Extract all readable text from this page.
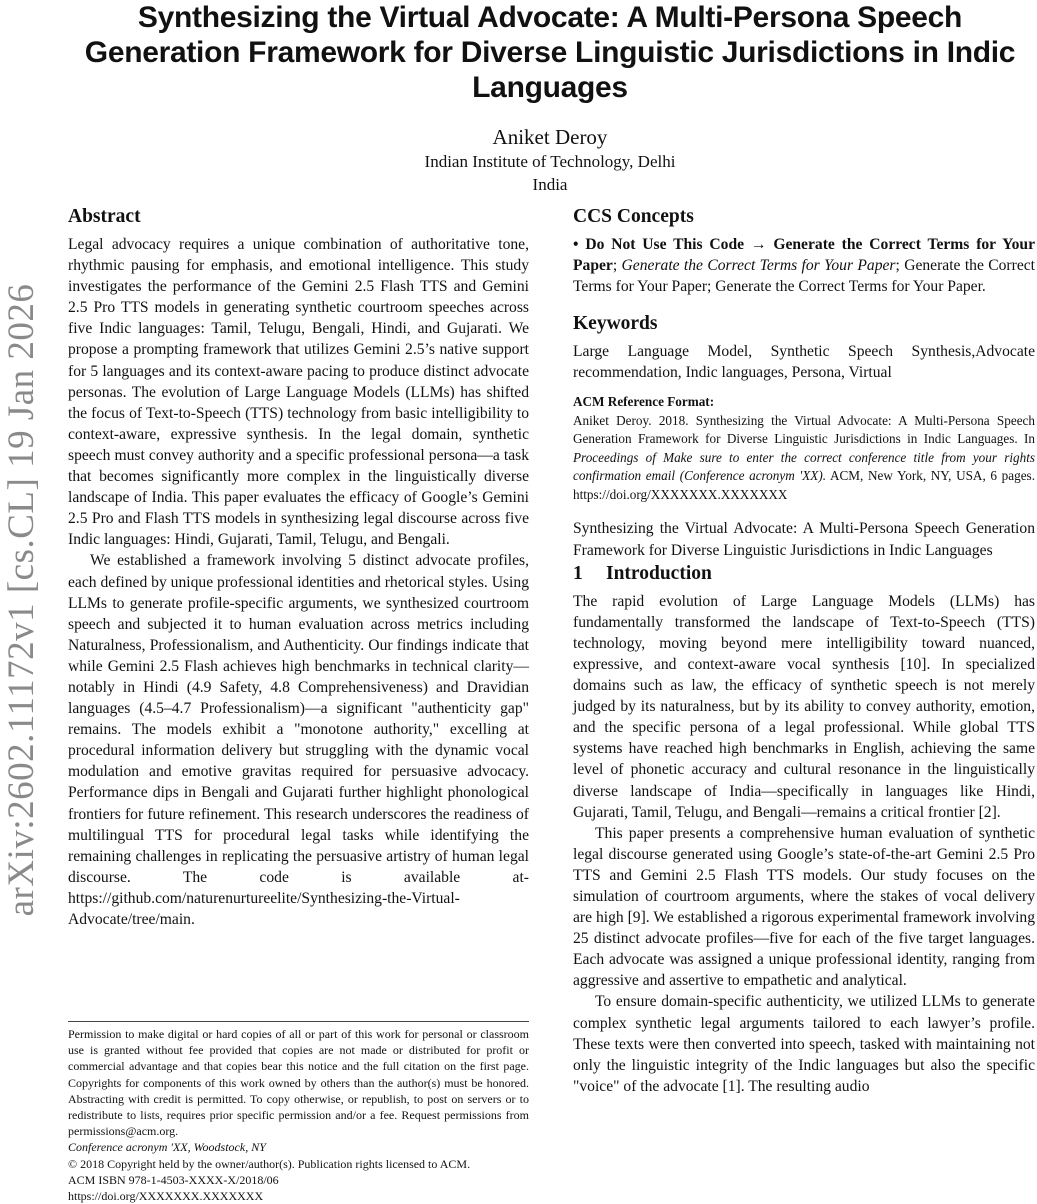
arXiv:2602.11172v1 [cs.CL] 19 Jan 2026
Synthesizing the Virtual Advocate: A Multi-Persona Speech Generation Framework for Diverse Linguistic Jurisdictions in Indic Languages
Aniket Deroy
Indian Institute of Technology, Delhi
India
Abstract

Legal advocacy requires a unique combination of authoritative tone, rhythmic pausing for emphasis, and emotional intelligence. This study investigates the performance of the Gemini 2.5 Flash TTS and Gemini 2.5 Pro TTS models in generating synthetic courtroom speeches across five Indic languages: Tamil, Telugu, Bengali, Hindi, and Gujarati. We propose a prompting framework that utilizes Gemini 2.5’s native support for 5 languages and its context-aware pacing to produce distinct advocate personas. The evolution of Large Language Models (LLMs) has shifted the focus of Text-to-Speech (TTS) technology from basic intelligibility to context-aware, expressive synthesis. In the legal domain, synthetic speech must convey authority and a specific professional persona—a task that becomes significantly more complex in the linguistically diverse landscape of India. This paper evaluates the efficacy of Google’s Gemini 2.5 Pro and Flash TTS models in synthesizing legal discourse across five Indic languages: Hindi, Gujarati, Tamil, Telugu, and Bengali.

We established a framework involving 5 distinct advocate profiles, each defined by unique professional identities and rhetorical styles. Using LLMs to generate profile-specific arguments, we synthesized courtroom speech and subjected it to human evaluation across metrics including Naturalness, Professionalism, and Authenticity. Our findings indicate that while Gemini 2.5 Flash achieves high benchmarks in technical clarity—notably in Hindi (4.9 Safety, 4.8 Comprehensiveness) and Dravidian languages (4.5–4.7 Professionalism)—a significant "authenticity gap" remains. The models exhibit a "monotone authority," excelling at procedural information delivery but struggling with the dynamic vocal modulation and emotive gravitas required for persuasive advocacy. Performance dips in Bengali and Gujarati further highlight phonological frontiers for future refinement. This research underscores the readiness of multilingual TTS for procedural legal tasks while identifying the remaining challenges in replicating the persuasive artistry of human legal discourse. The code is available at-https://github.com/naturenurtureelite/Synthesizing-the-Virtual-Advocate/tree/main.

Permission to make digital or hard copies of all or part of this work for personal or classroom use is granted without fee provided that copies are not made or distributed for profit or commercial advantage and that copies bear this notice and the full citation on the first page. Copyrights for components of this work owned by others than the author(s) must be honored. Abstracting with credit is permitted. To copy otherwise, or republish, to post on servers or to redistribute to lists, requires prior specific permission and/or a fee. Request permissions from permissions@acm.org.

Conference acronym 'XX, Woodstock, NY

© 2018 Copyright held by the owner/author(s). Publication rights licensed to ACM.

ACM ISBN 978-1-4503-XXXX-X/2018/06

https://doi.org/XXXXXXX.XXXXXXX

CCS Concepts

• Do Not Use This Code → Generate the Correct Terms for Your Paper; Generate the Correct Terms for Your Paper; Generate the Correct Terms for Your Paper; Generate the Correct Terms for Your Paper.

Keywords

Large Language Model, Synthetic Speech Synthesis,Advocate recommendation, Indic languages, Persona, Virtual

ACM Reference Format:
Aniket Deroy. 2018. Synthesizing the Virtual Advocate: A Multi-Persona Speech Generation Framework for Diverse Linguistic Jurisdictions in Indic Languages. In Proceedings of Make sure to enter the correct conference title from your rights confirmation email (Conference acronym 'XX). ACM, New York, NY, USA, 6 pages. https://doi.org/XXXXXXX.XXXXXXX

Synthesizing the Virtual Advocate: A Multi-Persona Speech Generation Framework for Diverse Linguistic Jurisdictions in Indic Languages

1 Introduction

The rapid evolution of Large Language Models (LLMs) has fundamentally transformed the landscape of Text-to-Speech (TTS) technology, moving beyond mere intelligibility toward nuanced, expressive, and context-aware vocal synthesis [10]. In specialized domains such as law, the efficacy of synthetic speech is not merely judged by its naturalness, but by its ability to convey authority, emotion, and the specific persona of a legal professional. While global TTS systems have reached high benchmarks in English, achieving the same level of phonetic accuracy and cultural resonance in the linguistically diverse landscape of India—specifically in languages like Hindi, Gujarati, Tamil, Telugu, and Bengali—remains a critical frontier [2].

This paper presents a comprehensive human evaluation of synthetic legal discourse generated using Google’s state-of-the-art Gemini 2.5 Pro TTS and Gemini 2.5 Flash TTS models. Our study focuses on the simulation of courtroom arguments, where the stakes of vocal delivery are high [9]. We established a rigorous experimental framework involving 25 distinct advocate profiles—five for each of the five target languages. Each advocate was assigned a unique professional identity, ranging from aggressive and assertive to empathetic and analytical.

To ensure domain-specific authenticity, we utilized LLMs to generate complex synthetic legal arguments tailored to each lawyer’s profile. These texts were then converted into speech, tasked with maintaining not only the linguistic integrity of the Indic languages but also the specific "voice" of the advocate [1]. The resulting audio
